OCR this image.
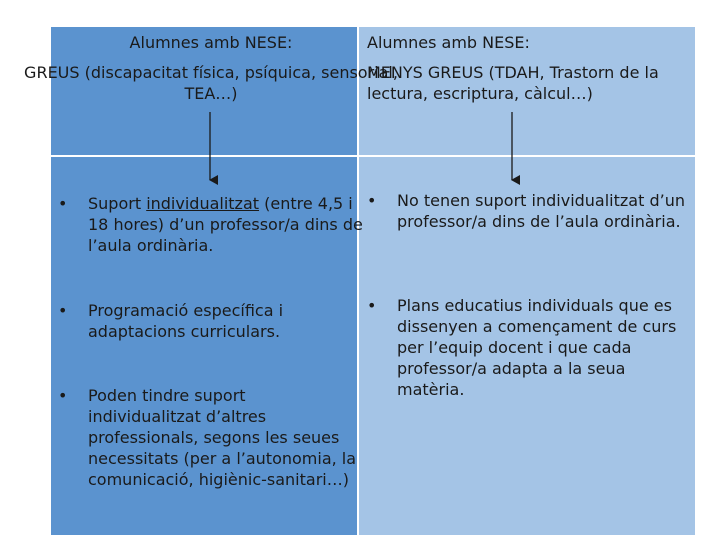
Alumnes amb NESE:
GREUS (discapacitat física, psíquica, sensorial, TEA…)
Alumnes amb NESE:
MENYS GREUS (TDAH, Trastorn de la lectura, escriptura, càlcul…)
• Suport individualitzat (entre 4,5 i 18 hores) d’un professor/a dins de l’aula ordinària.
• Programació específica i adaptacions curriculars.
• Poden tindre suport individualitzat d’altres professionals, segons les seues necessitats (per a l’autonomia, la comunicació, higiènic-sanitari…)
• No tenen suport individualitzat d’un professor/a dins de l’aula ordinària.
• Plans educatius individuals que es dissenyen a començament de curs per l’equip docent i que cada professor/a adapta a la seua matèria.
